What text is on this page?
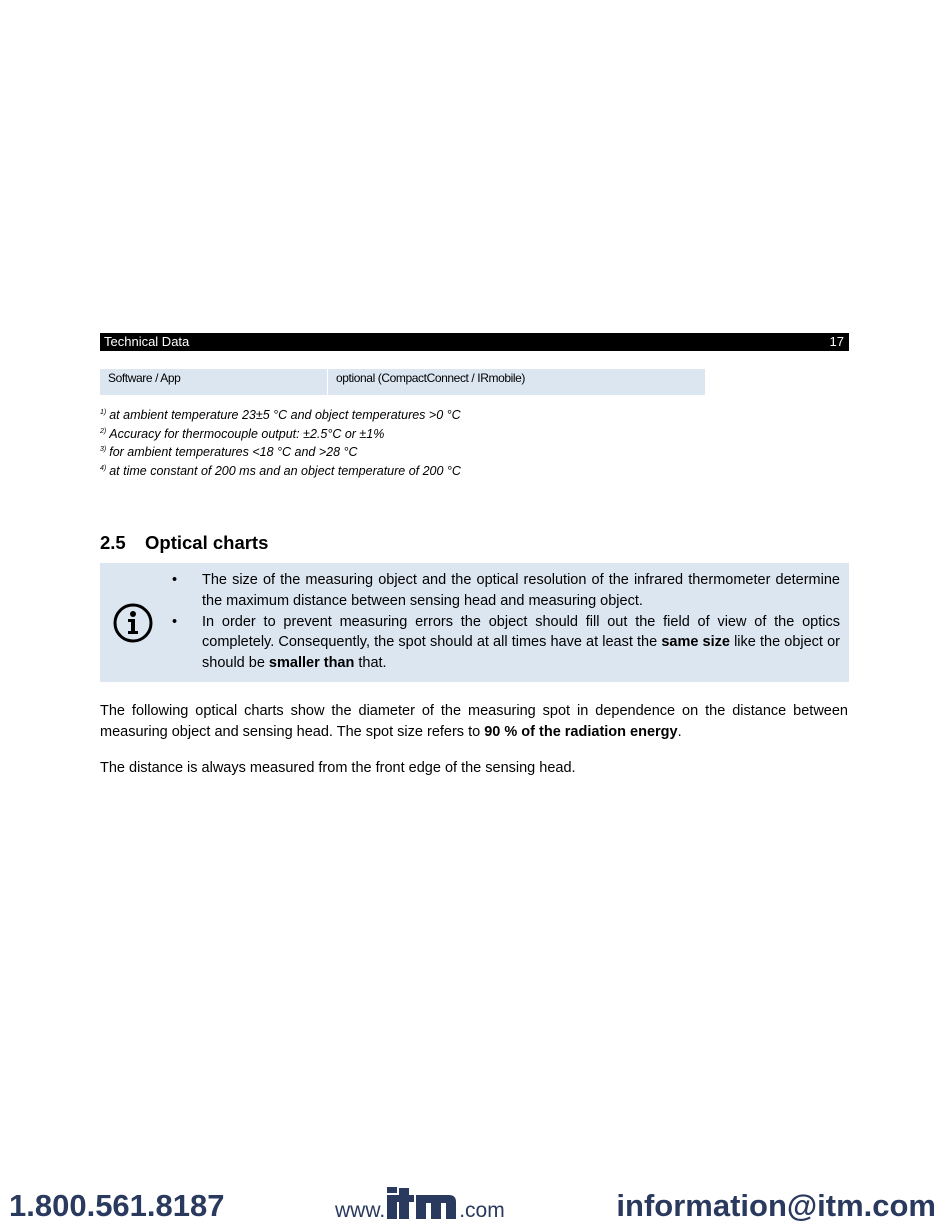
Technical Data	17
Software / App	optional (CompactConnect / IRmobile)
$^{1)}$ at ambient temperature 23±5 °C and object temperatures >0 °C
$^{2)}$ Accuracy for thermocouple output: ±2.5°C or ±1%
$^{3)}$ for ambient temperatures <18 °C and >28 °C
$^{4)}$ at time constant of 200 ms and an object temperature of 200 °C
2.5 Optical charts
• The size of the measuring object and the optical resolution of the infrared thermometer determine the maximum distance between sensing head and measuring object.
• In order to prevent measuring errors the object should fill out the field of view of the optics completely. Consequently, the spot should at all times have at least the same size like the object or should be smaller than that.

The following optical charts show the diameter of the measuring spot in dependence on the distance between measuring object and sensing head. The spot size refers to 90 % of the radiation energy.

The distance is always measured from the front edge of the sensing head.

1.800.561.8187	www.	itm	.com	information@itm.com
